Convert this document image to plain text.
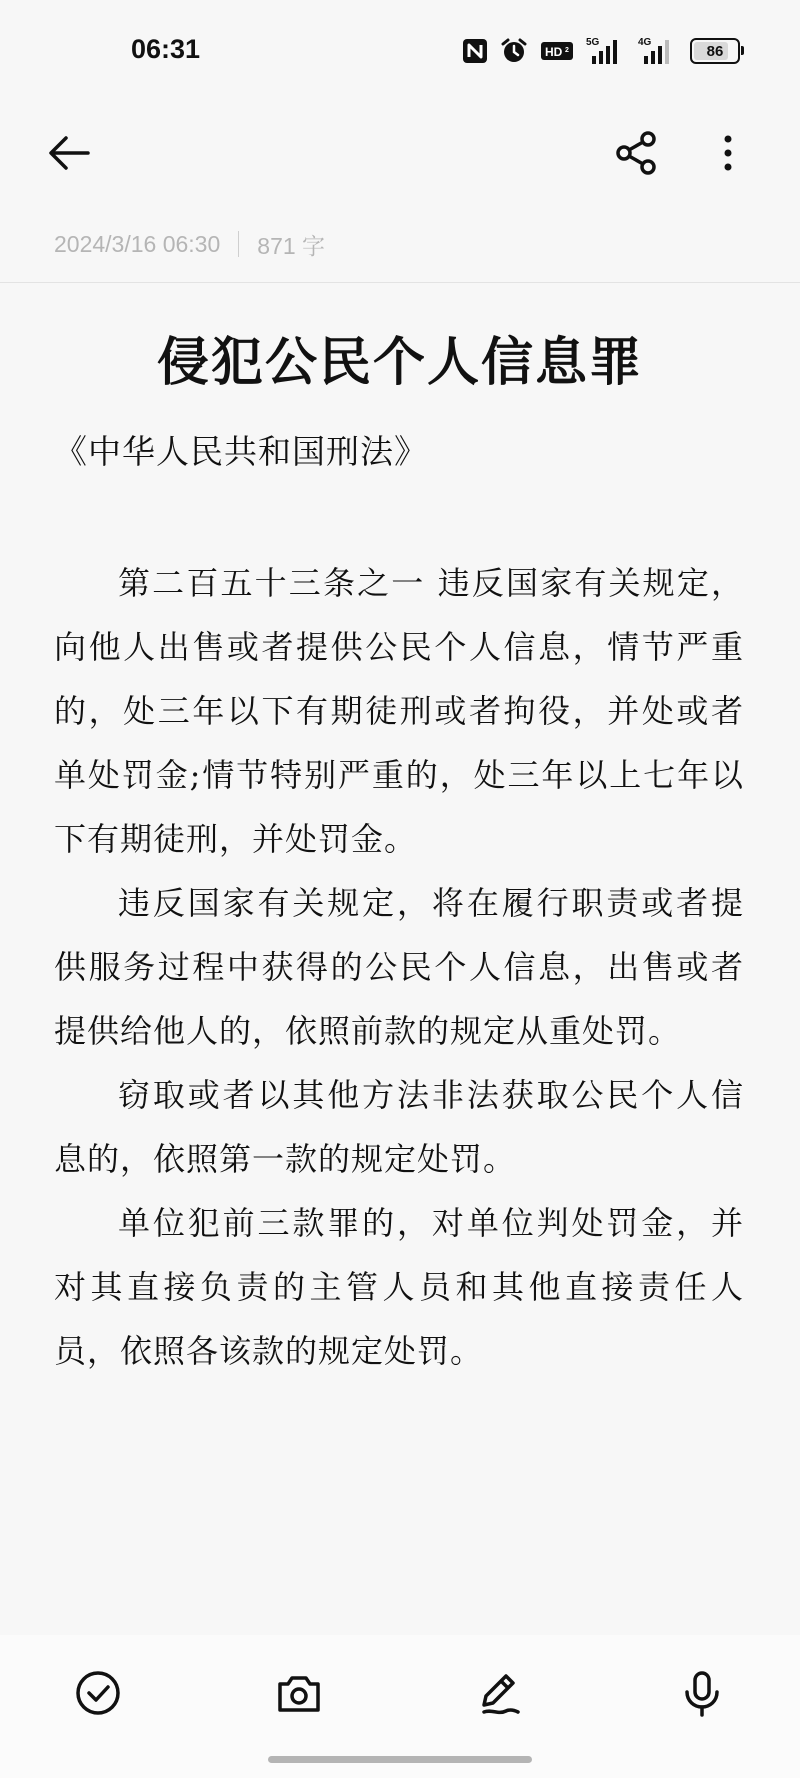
06:31	HD 2
5G	4G	86
2024/3/16 06:30 871 字
侵犯公民个人信息罪
《中华人民共和国刑法》

第二百五十三条之一 违反国家有关规定，向他人出售或者提供公民个人信息，情节严重的，处三年以下有期徒刑或者拘役，并处或者单处罚金;情节特别严重的，处三年以上七年以下有期徒刑，并处罚金。

违反国家有关规定，将在履行职责或者提供服务过程中获得的公民个人信息，出售或者提供给他人的，依照前款的规定从重处罚。

窃取或者以其他方法非法获取公民个人信息的，依照第一款的规定处罚。

单位犯前三款罪的，对单位判处罚金，并对其直接负责的主管人员和其他直接责任人员，依照各该款的规定处罚。
